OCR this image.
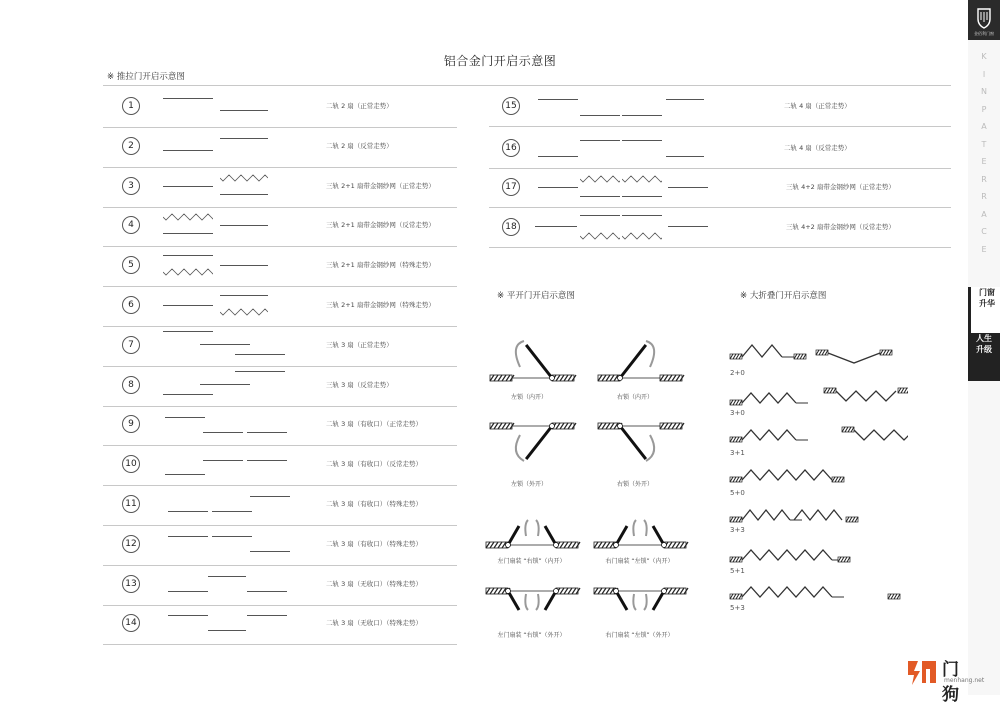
铝合金门开启示意图
※ 推拉门开启示意图
※ 平开门开启示意图	※ 大折叠门开启示意图
1	二轨 2 扇（正常走势）
2	二轨 2 扇（反常走势）
3	三轨 2+1 扇带金钢纱网（正常走势）
4	三轨 2+1 扇带金钢纱网（反常走势）
5	三轨 2+1 扇带金钢纱网（特殊走势）
6	三轨 2+1 扇带金钢纱网（特殊走势）
7	三轨 3 扇（正常走势）
8	三轨 3 扇（反常走势）
9	二轨 3 扇（有收口）（正常走势）
10	二轨 3 扇（有收口）（反常走势）
11	二轨 3 扇（有收口）（特殊走势）
12	二轨 3 扇（有收口）（特殊走势）
13	二轨 3 扇（无收口）（特殊走势）
14	二轨 3 扇（无收口）（特殊走势）
15	二轨 4 扇（正常走势）
16	二轨 4 扇（反常走势）
17	三轨 4+2 扇带金钢纱网（正常走势）
18	三轨 4+2 扇带金钢纱网（反常走势）
左锁（内开）	右锁（内开）
左锁（外开）	右锁（外开）
左门扇装 “右锁”（内开）	右门扇装 “左锁”（内开）
左门扇装 “右锁”（外开）	右门扇装 “左锁”（外开）
2+0
3+0
3+1
5+0
3+3
5+1
5+3
金佰利门窗
K
I
N
P
A
T
E
R
R
A
C
E
门窗
升华
人生
升级
门狗
menhang.net
